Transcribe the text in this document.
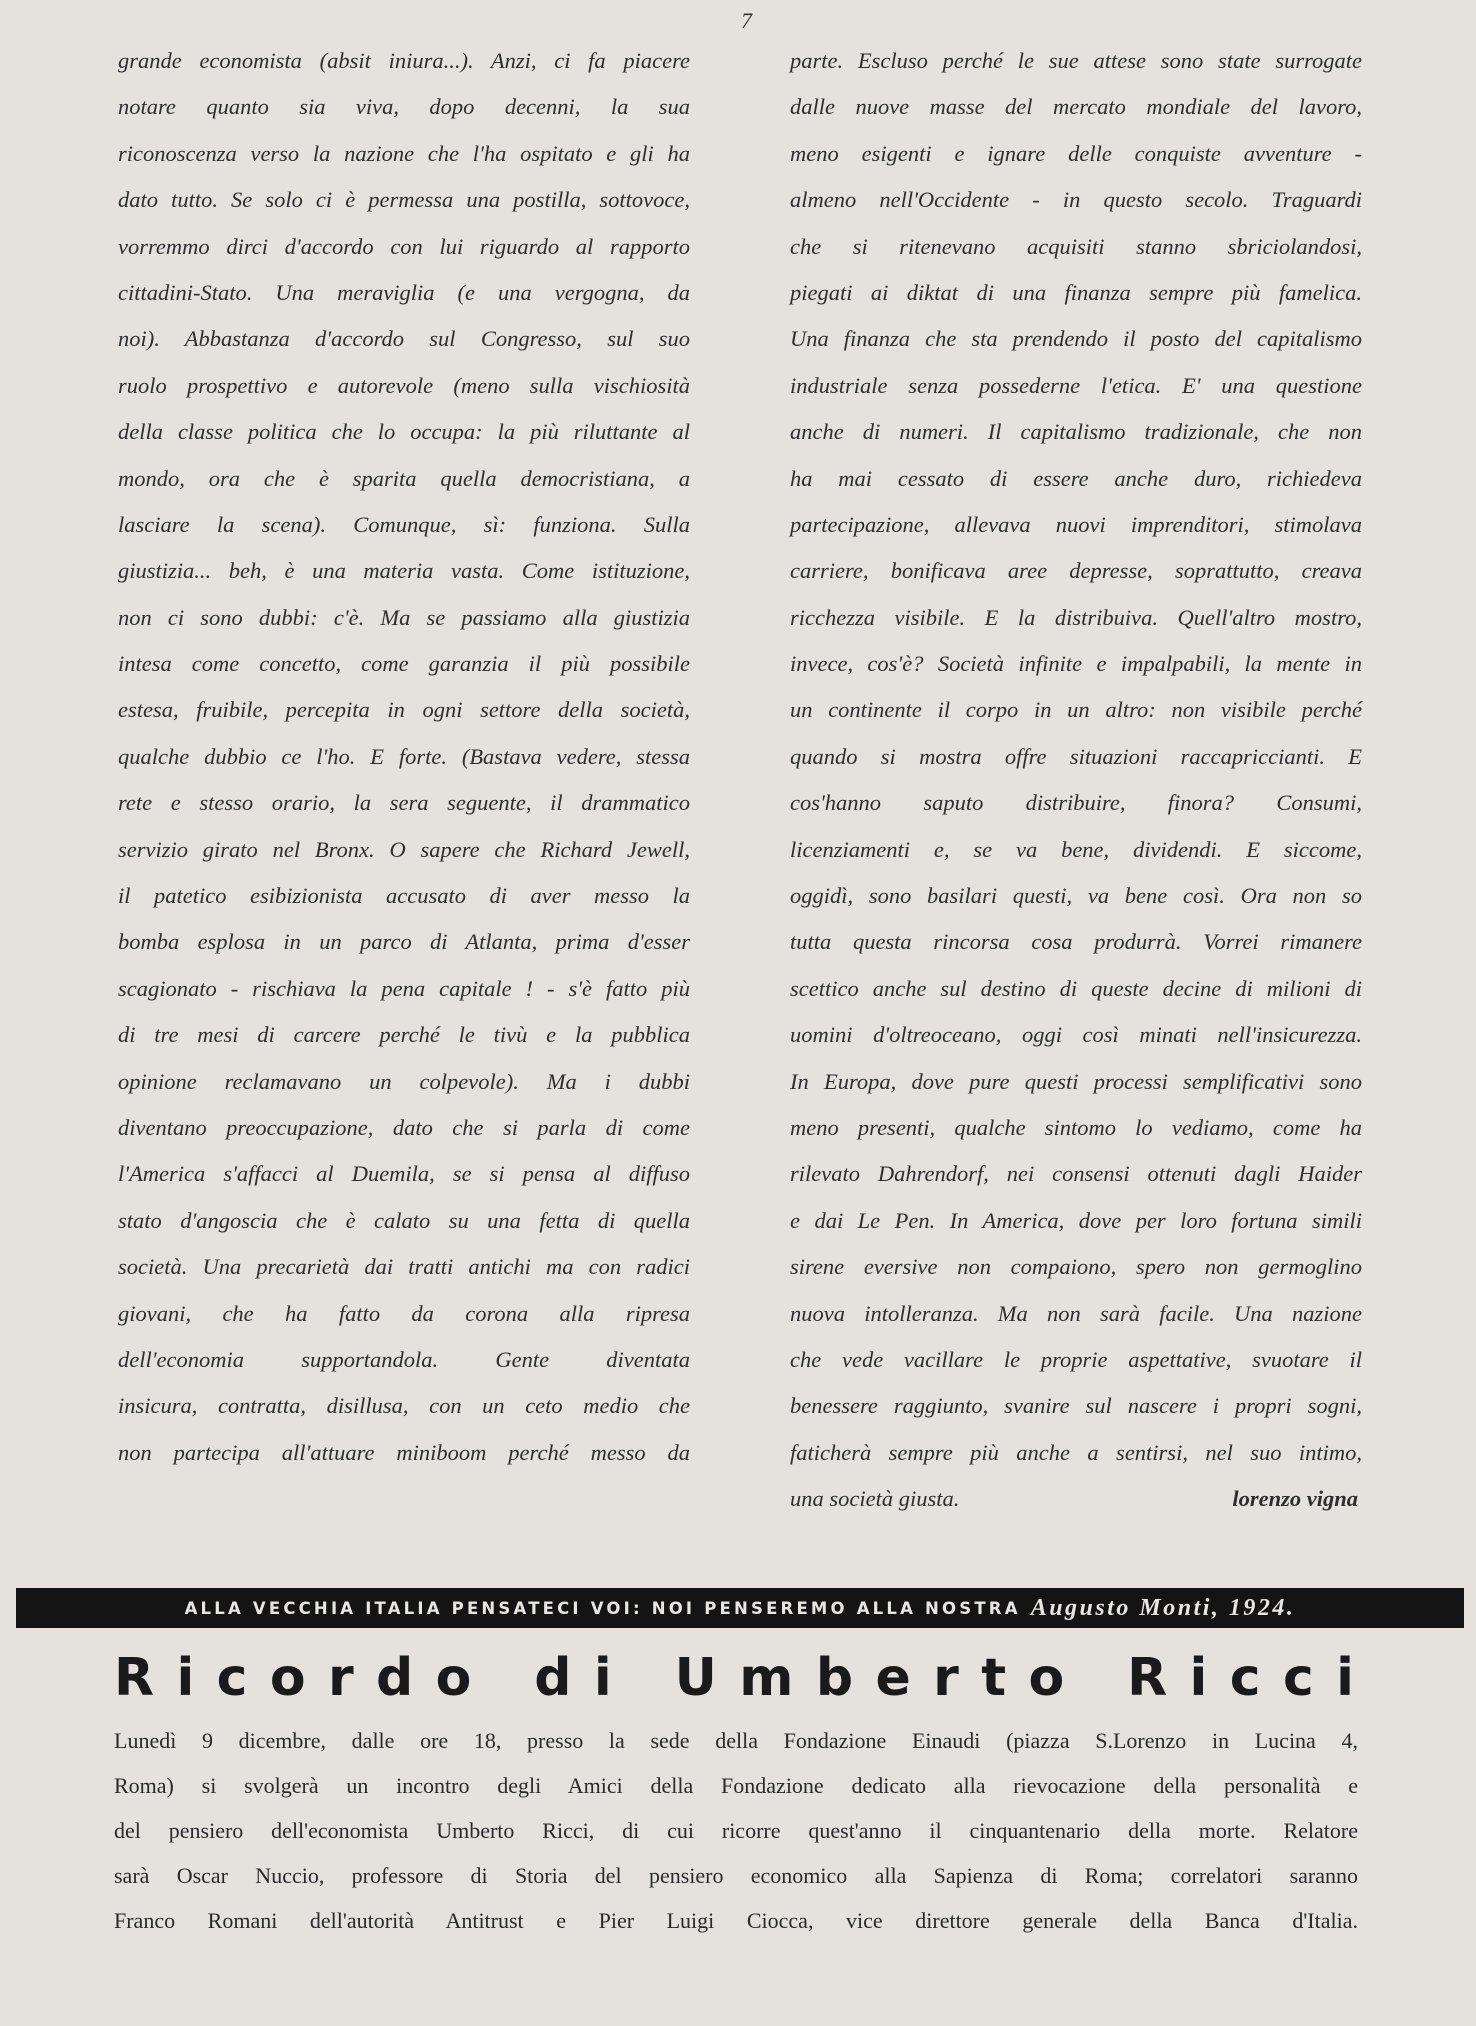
7
grande economista (absit iniura...). Anzi, ci fa piacere
notare quanto sia viva, dopo decenni, la sua
riconoscenza verso la nazione che l'ha ospitato e gli ha
dato tutto. Se solo ci è permessa una postilla, sottovoce,
vorremmo dirci d'accordo con lui riguardo al rapporto
cittadini-Stato. Una meraviglia (e una vergogna, da
noi). Abbastanza d'accordo sul Congresso, sul suo
ruolo prospettivo e autorevole (meno sulla vischiosità
della classe politica che lo occupa: la più riluttante al
mondo, ora che è sparita quella democristiana, a
lasciare la scena). Comunque, sì: funziona. Sulla
giustizia... beh, è una materia vasta. Come istituzione,
non ci sono dubbi: c'è. Ma se passiamo alla giustizia
intesa come concetto, come garanzia il più possibile
estesa, fruibile, percepita in ogni settore della società,
qualche dubbio ce l'ho. E forte. (Bastava vedere, stessa
rete e stesso orario, la sera seguente, il drammatico
servizio girato nel Bronx. O sapere che Richard Jewell,
il patetico esibizionista accusato di aver messo la
bomba esplosa in un parco di Atlanta, prima d'esser
scagionato - rischiava la pena capitale ! - s'è fatto più
di tre mesi di carcere perché le tivù e la pubblica
opinione reclamavano un colpevole). Ma i dubbi
diventano preoccupazione, dato che si parla di come
l'America s'affacci al Duemila, se si pensa al diffuso
stato d'angoscia che è calato su una fetta di quella
società. Una precarietà dai tratti antichi ma con radici
giovani, che ha fatto da corona alla ripresa
dell'economia supportandola. Gente diventata
insicura, contratta, disillusa, con un ceto medio che
non partecipa all'attuare miniboom perché messo da
parte. Escluso perché le sue attese sono state surrogate
dalle nuove masse del mercato mondiale del lavoro,
meno esigenti e ignare delle conquiste avventure -
almeno nell'Occidente - in questo secolo. Traguardi
che si ritenevano acquisiti stanno sbriciolandosi,
piegati ai diktat di una finanza sempre più famelica.
Una finanza che sta prendendo il posto del capitalismo
industriale senza possederne l'etica. E' una questione
anche di numeri. Il capitalismo tradizionale, che non
ha mai cessato di essere anche duro, richiedeva
partecipazione, allevava nuovi imprenditori, stimolava
carriere, bonificava aree depresse, soprattutto, creava
ricchezza visibile. E la distribuiva. Quell'altro mostro,
invece, cos'è? Società infinite e impalpabili, la mente in
un continente il corpo in un altro: non visibile perché
quando si mostra offre situazioni raccapriccianti. E
cos'hanno saputo distribuire, finora? Consumi,
licenziamenti e, se va bene, dividendi. E siccome,
oggidì, sono basilari questi, va bene così. Ora non so
tutta questa rincorsa cosa produrrà. Vorrei rimanere
scettico anche sul destino di queste decine di milioni di
uomini d'oltreoceano, oggi così minati nell'insicurezza.
In Europa, dove pure questi processi semplificativi sono
meno presenti, qualche sintomo lo vediamo, come ha
rilevato Dahrendorf, nei consensi ottenuti dagli Haider
e dai Le Pen. In America, dove per loro fortuna simili
sirene eversive non compaiono, spero non germoglino
nuova intolleranza. Ma non sarà facile. Una nazione
che vede vacillare le proprie aspettative, svuotare il
benessere raggiunto, svanire sul nascere i propri sogni,
faticherà sempre più anche a sentirsi, nel suo intimo,
una società giusta.	lorenzo vigna
ALLA VECCHIA ITALIA PENSATECI VOI: NOI PENSEREMO ALLA NOSTRA Augusto Monti, 1924.
R i c o r d o
d i
U m b e r t o
R i c c i
Lunedì 9 dicembre, dalle ore 18, presso la sede della Fondazione Einaudi (piazza S.Lorenzo in Lucina 4,
Roma) si svolgerà un incontro degli Amici della Fondazione dedicato alla rievocazione della personalità e
del pensiero dell'economista Umberto Ricci, di cui ricorre quest'anno il cinquantenario della morte. Relatore
sarà Oscar Nuccio, professore di Storia del pensiero economico alla Sapienza di Roma; correlatori saranno
Franco Romani dell'autorità Antitrust e Pier Luigi Ciocca, vice direttore generale della Banca d'Italia.
